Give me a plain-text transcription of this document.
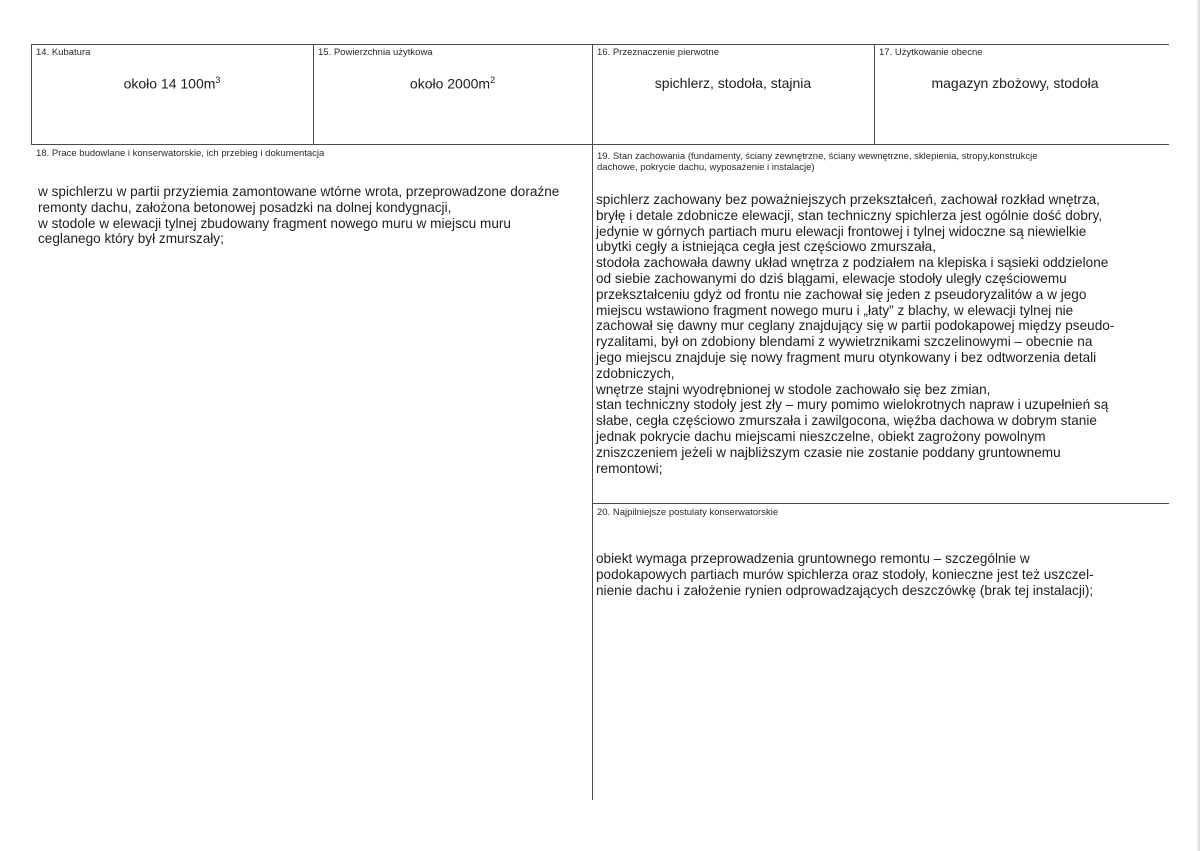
14. Kubatura
około 14 $100m^3$
15. Powierzchnia użytkowa
około $2000m^2$
16. Przeznaczenie pierwotne
spichlerz, stodoła, stajnia
17. Użytkowanie obecne
magazyn zbożowy, stodoła
18. Prace budowlane i konserwatorskie, ich przebieg i dokumentacja
w spichlerzu w partii przyziemia zamontowane wtórne wrota, przeprowadzone doraźne
remonty dachu, założona betonowej posadzki na dolnej kondygnacji,
w stodole w elewacji tylnej zbudowany fragment nowego muru w miejscu muru
ceglanego który był zmurszały;
19. Stan zachowania (fundamenty, ściany zewnętrzne, ściany wewnętrzne, sklepienia, stropy,konstrukcje
dachowe, pokrycie dachu, wyposażenie i instalacje)
spichlerz zachowany bez poważniejszych przekształceń, zachował rozkład wnętrza,
bryłę i detale zdobnicze elewacji, stan techniczny spichlerza jest ogólnie dość dobry,
jedynie w górnych partiach muru elewacji frontowej i tylnej widoczne są niewielkie
ubytki cegły a istniejąca cegła jest częściowo zmurszała,
stodoła zachowała dawny układ wnętrza z podziałem na klepiska i sąsieki oddzielone
od siebie zachowanymi do dziś blągami, elewacje stodoły uległy częściowemu
przekształceniu gdyż od frontu nie zachował się jeden z pseudoryzalitów a w jego
miejscu wstawiono fragment nowego muru i „łaty” z blachy, w elewacji tylnej nie
zachował się dawny mur ceglany znajdujący się w partii podokapowej między pseudo-
ryzalitami, był on zdobiony blendami z wywietrznikami szczelinowymi – obecnie na
jego miejscu znajduje się nowy fragment muru otynkowany i bez odtworzenia detali
zdobniczych,
wnętrze stajni wyodrębnionej w stodole zachowało się bez zmian,
stan techniczny stodoły jest zły – mury pomimo wielokrotnych napraw i uzupełnień są
słabe, cegła częściowo zmurszała i zawilgocona, więźba dachowa w dobrym stanie
jednak pokrycie dachu miejscami nieszczelne, obiekt zagrożony powolnym
zniszczeniem jeżeli w najbliższym czasie nie zostanie poddany gruntownemu
remontowi;
20. Najpilniejsze postulaty konserwatorskie
obiekt wymaga przeprowadzenia gruntownego remontu – szczególnie w
podokapowych partiach murów spichlerza oraz stodoły, konieczne jest też uszczel-
nienie dachu i założenie rynien odprowadzających deszczówkę (brak tej instalacji);
